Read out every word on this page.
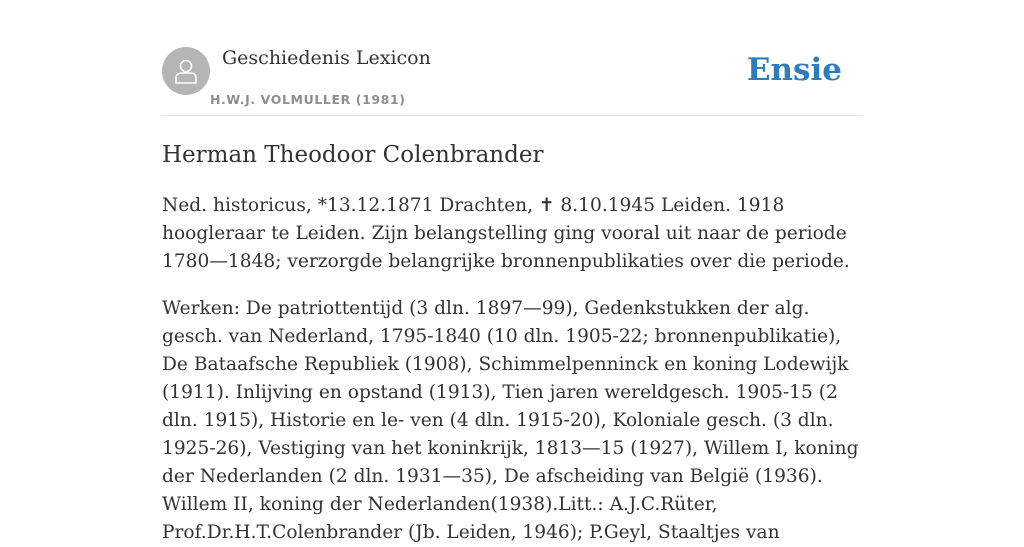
Geschiedenis Lexicon
H.W.J. VOLMULLER (1981)
Ensie
Herman Theodoor Colenbrander

Ned. historicus, *13.12.1871 Drachten, ✝ 8.10.1945 Leiden. 1918 hoogleraar te Leiden. Zijn belangstelling ging vooral uit naar de periode 1780—1848; verzorgde belangrijke bronnenpublikaties over die periode.

Werken: De patriottentijd (3 dln. 1897—99), Gedenkstukken der alg. gesch. van Nederland, 1795-1840 (10 dln. 1905-22; bronnenpublikatie), De Bataafsche Republiek (1908), Schimmelpenninck en koning Lodewijk (1911). Inlijving en opstand (1913), Tien jaren wereldgesch. 1905-15 (2 dln. 1915), Historie en le- ven (4 dln. 1915-20), Koloniale gesch. (3 dln. 1925-26), Vestiging van het koninkrijk, 1813—15 (1927), Willem I, koning der Nederlanden (2 dln. 1931—35), De afscheiding van België (1936). Willem II, koning der Nederlanden(1938).Litt.: A.J.C.Rüter, Prof.Dr.H.T.Colenbrander (Jb. Leiden, 1946); P.Geyl, Staaltjes van
